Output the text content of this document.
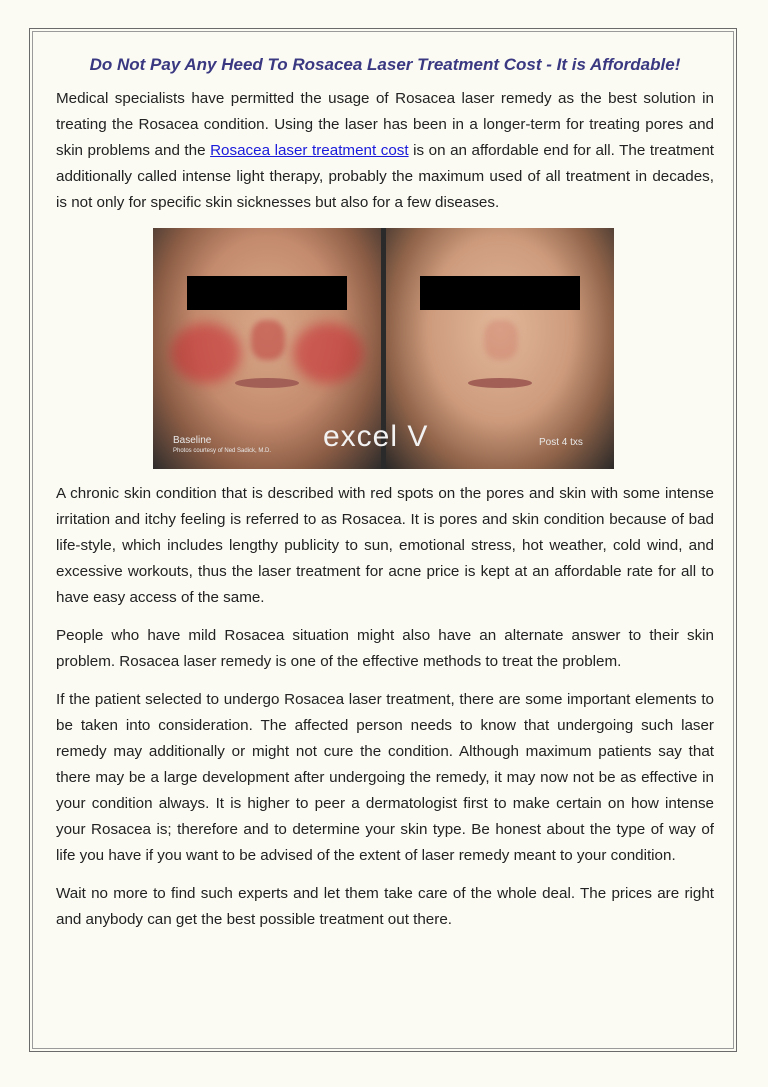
Do Not Pay Any Heed To Rosacea Laser Treatment Cost - It is Affordable!

Medical specialists have permitted the usage of Rosacea laser remedy as the best solution in treating the Rosacea condition. Using the laser has been in a longer-term for treating pores and skin problems and the Rosacea laser treatment cost is on an affordable end for all. The treatment additionally called intense light therapy, probably the maximum used of all treatment in decades, is not only for specific skin sicknesses but also for a few diseases.

Baseline
Photos courtesy of Ned Sadick, M.D. excel V	Post 4 txs

A chronic skin condition that is described with red spots on the pores and skin with some intense irritation and itchy feeling is referred to as Rosacea. It is pores and skin condition because of bad life-style, which includes lengthy publicity to sun, emotional stress, hot weather, cold wind, and excessive workouts, thus the laser treatment for acne price is kept at an affordable rate for all to have easy access of the same.

People who have mild Rosacea situation might also have an alternate answer to their skin problem. Rosacea laser remedy is one of the effective methods to treat the problem.

If the patient selected to undergo Rosacea laser treatment, there are some important elements to be taken into consideration. The affected person needs to know that undergoing such laser remedy may additionally or might not cure the condition. Although maximum patients say that there may be a large development after undergoing the remedy, it may now not be as effective in your condition always. It is higher to peer a dermatologist first to make certain on how intense your Rosacea is; therefore and to determine your skin type. Be honest about the type of way of life you have if you want to be advised of the extent of laser remedy meant to your condition.

Wait no more to find such experts and let them take care of the whole deal. The prices are right and anybody can get the best possible treatment out there.
